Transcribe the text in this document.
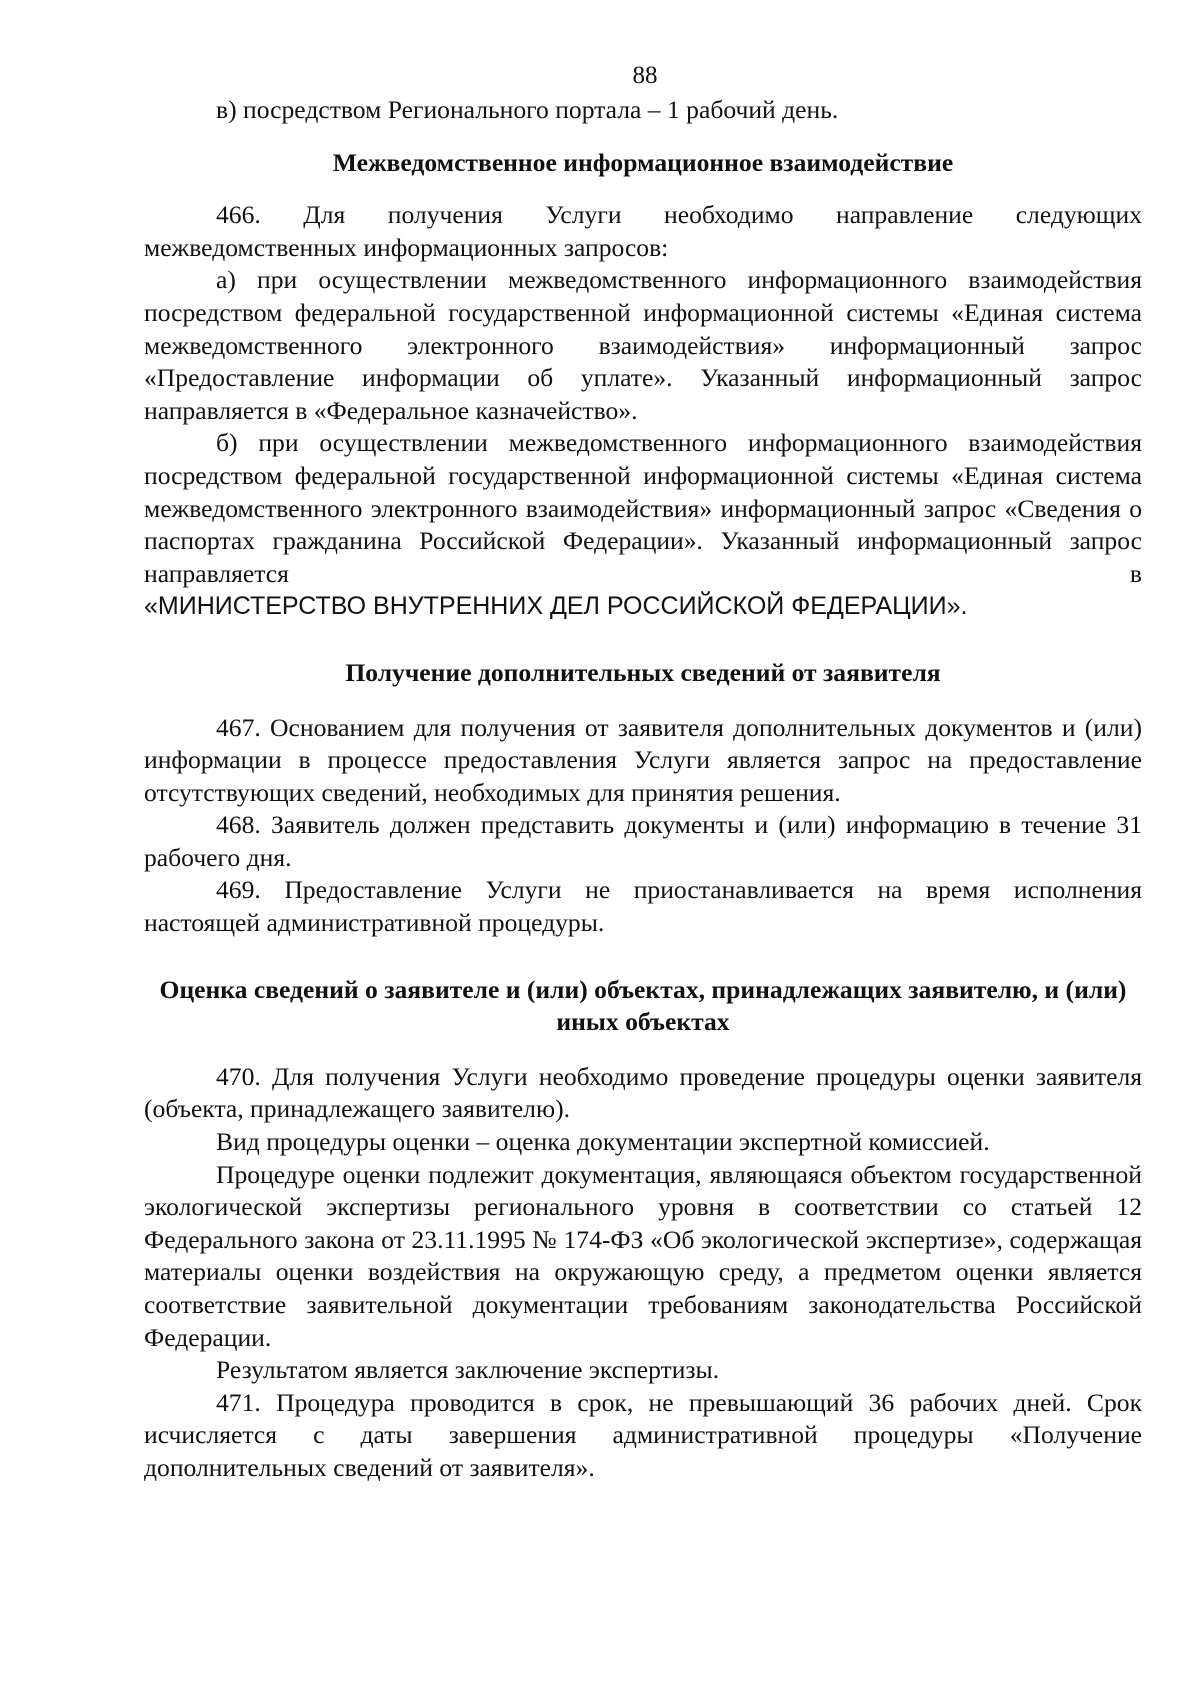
88

в) посредством Регионального портала – 1 рабочий день.

Межведомственное информационное взаимодействие

466. Для получения Услуги необходимо направление следующих межведомственных информационных запросов:

а) при осуществлении межведомственного информационного взаимодействия посредством федеральной государственной информационной системы «Единая система межведомственного электронного взаимодействия» информационный запрос «Предоставление информации об уплате». Указанный информационный запрос направляется в «Федеральное казначейство».

б) при осуществлении межведомственного информационного взаимодействия посредством федеральной государственной информационной системы «Единая система межведомственного электронного взаимодействия» информационный запрос «Сведения о паспортах гражданина Российской Федерации». Указанный информационный запрос направляется в

«МИНИСТЕРСТВО ВНУТРЕННИХ ДЕЛ РОССИЙСКОЙ ФЕДЕРАЦИИ».

Получение дополнительных сведений от заявителя

467. Основанием для получения от заявителя дополнительных документов и (или) информации в процессе предоставления Услуги является запрос на предоставление отсутствующих сведений, необходимых для принятия решения.

468. Заявитель должен представить документы и (или) информацию в течение 31 рабочего дня.

469. Предоставление Услуги не приостанавливается на время исполнения настоящей административной процедуры.

Оценка сведений о заявителе и (или) объектах, принадлежащих заявителю, и (или) иных объектах

470. Для получения Услуги необходимо проведение процедуры оценки заявителя (объекта, принадлежащего заявителю).

Вид процедуры оценки – оценка документации экспертной комиссией.

Процедуре оценки подлежит документация, являющаяся объектом государственной экологической экспертизы регионального уровня в соответствии со статьей 12 Федерального закона от 23.11.1995 № 174-ФЗ «Об экологической экспертизе», содержащая материалы оценки воздействия на окружающую среду, а предметом оценки является соответствие заявительной документации требованиям законодательства Российской Федерации.

Результатом является заключение экспертизы.

471. Процедура проводится в срок, не превышающий 36 рабочих дней. Срок исчисляется с даты завершения административной процедуры «Получение дополнительных сведений от заявителя».
